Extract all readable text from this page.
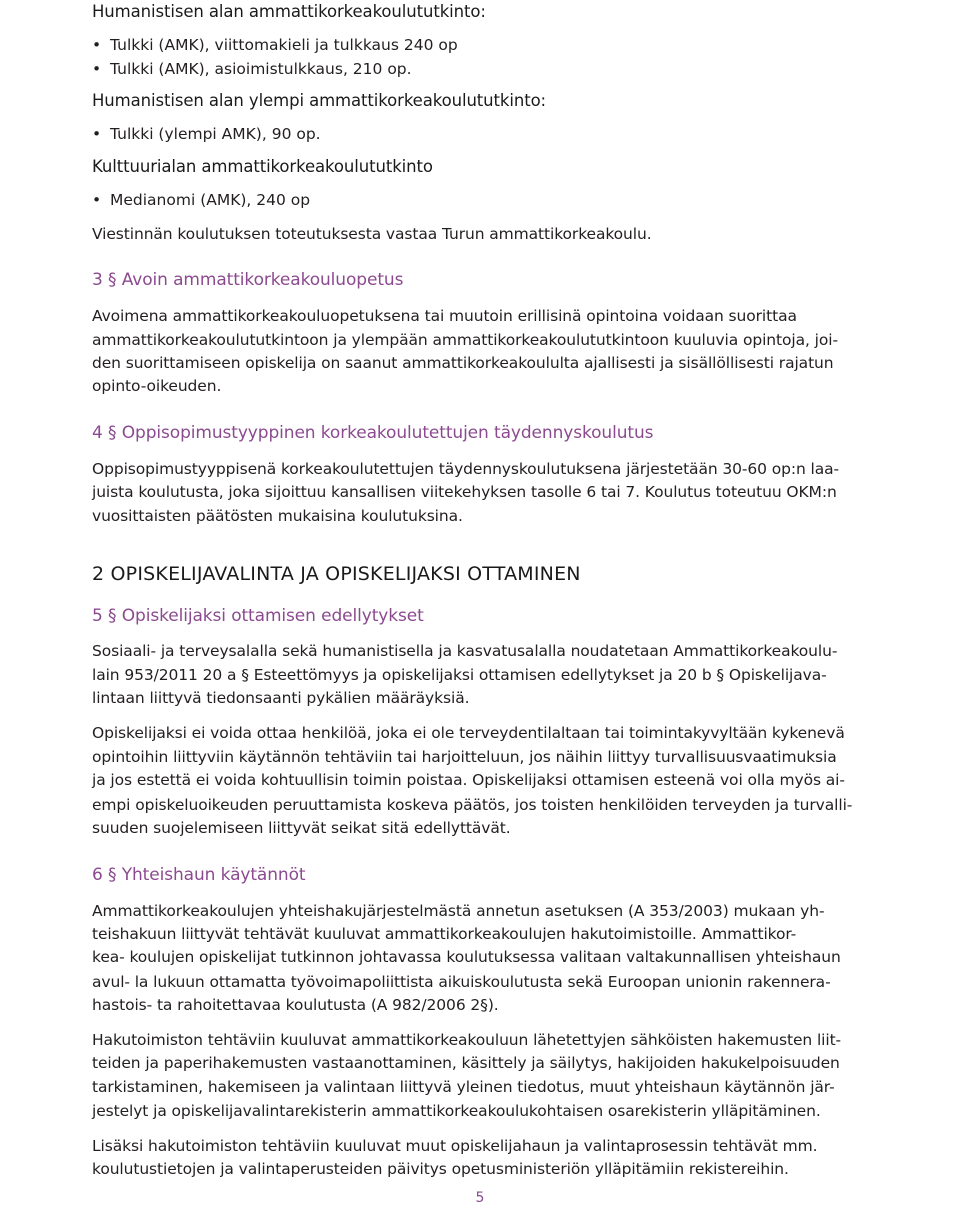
Humanistisen alan ammattikorkeakoulututkinto:
• Tulkki (AMK), viittomakieli ja tulkkaus 240 op
• Tulkki (AMK), asioimistulkkaus, 210 op.
Humanistisen alan ylempi ammattikorkeakoulututkinto:
• Tulkki (ylempi AMK), 90 op.
Kulttuurialan ammattikorkeakoulututkinto
• Medianomi (AMK), 240 op
Viestinnän koulutuksen toteutuksesta vastaa Turun ammattikorkeakoulu.
3 § Avoin ammattikorkeakouluopetus
Avoimena ammattikorkeakouluopetuksena tai muutoin erillisinä opintoina voidaan suorittaa
ammattikorkeakoulututkintoon ja ylempään ammattikorkeakoulututkintoon kuuluvia opintoja, joi-
den suorittamiseen opiskelija on saanut ammattikorkeakoululta ajallisesti ja sisällöllisesti rajatun
opinto-oikeuden.
4 § Oppisopimustyyppinen korkeakoulutettujen täydennyskoulutus
Oppisopimustyyppisenä korkeakoulutettujen täydennyskoulutuksena järjestetään 30-60 op:n laa-
juista koulutusta, joka sijoittuu kansallisen viitekehyksen tasolle 6 tai 7. Koulutus toteutuu OKM:n
vuosittaisten päätösten mukaisina koulutuksina.
2 OPISKELIJAVALINTA JA OPISKELIJAKSI OTTAMINEN
5 § Opiskelijaksi ottamisen edellytykset
Sosiaali- ja terveysalalla sekä humanistisella ja kasvatusalalla noudatetaan Ammattikorkeakoulu-
lain 953/2011 20 a § Esteettömyys ja opiskelijaksi ottamisen edellytykset ja 20 b § Opiskelijava-
lintaan liittyvä tiedonsaanti pykälien määräyksiä.
Opiskelijaksi ei voida ottaa henkilöä, joka ei ole terveydentilaltaan tai toimintakyvyltään kykenevä
opintoihin liittyviin käytännön tehtäviin tai harjoitteluun, jos näihin liittyy turvallisuusvaatimuksia
ja jos estettä ei voida kohtuullisin toimin poistaa. Opiskelijaksi ottamisen esteenä voi olla myös ai-
empi opiskeluoikeuden peruuttamista koskeva päätös, jos toisten henkilöiden terveyden ja turvalli-
suuden suojelemiseen liittyvät seikat sitä edellyttävät.
6 § Yhteishaun käytännöt
Ammattikorkeakoulujen yhteishakujärjestelmästä annetun asetuksen (A 353/2003) mukaan yh-
teishakuun liittyvät tehtävät kuuluvat ammattikorkeakoulujen hakutoimistoille. Ammattikor-
kea- koulujen opiskelijat tutkinnon johtavassa koulutuksessa valitaan valtakunnallisen yhteishaun
avul- la lukuun ottamatta työvoimapoliittista aikuiskoulutusta sekä Euroopan unionin rakennera-
hastois- ta rahoitettavaa koulutusta (A 982/2006 2§).
Hakutoimiston tehtäviin kuuluvat ammattikorkeakouluun lähetettyjen sähköisten hakemusten liit-
teiden ja paperihakemusten vastaanottaminen, käsittely ja säilytys, hakijoiden hakukelpoisuuden
tarkistaminen, hakemiseen ja valintaan liittyvä yleinen tiedotus, muut yhteishaun käytännön jär-
jestelyt ja opiskelijavalintarekisterin ammattikorkeakoulukohtaisen osarekisterin ylläpitäminen.
Lisäksi hakutoimiston tehtäviin kuuluvat muut opiskelijahaun ja valintaprosessin tehtävät mm.
koulutustietojen ja valintaperusteiden päivitys opetusministeriön ylläpitämiin rekistereihin.
5
